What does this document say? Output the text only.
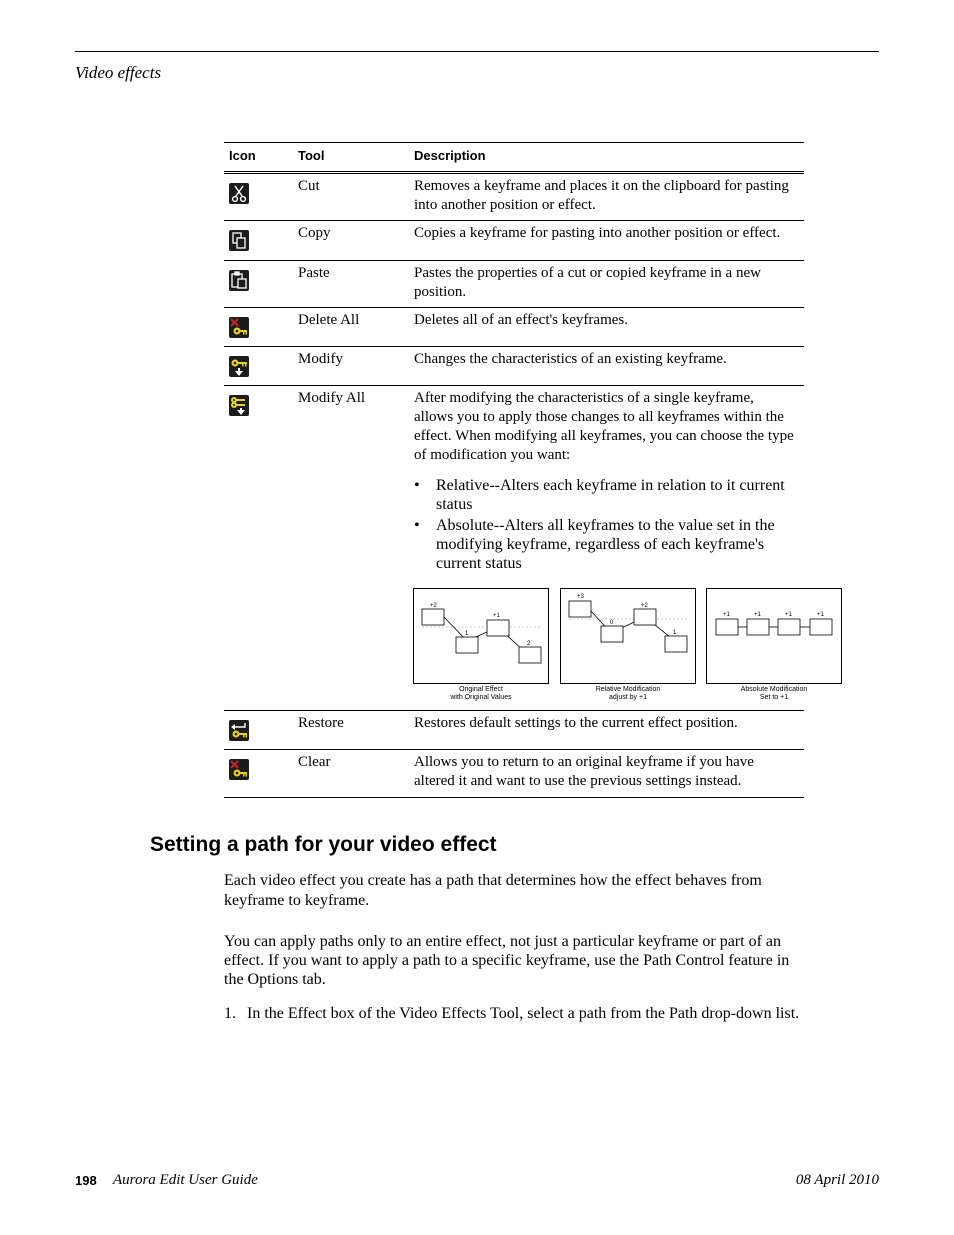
Video effects
Icon	Tool	Description
Cut	Removes a keyframe and places it on the clipboard for pasting into another position or effect.
Copy	Copies a keyframe for pasting into another position or effect.
Paste	Pastes the properties of a cut or copied keyframe in a new position.
Delete All	Deletes all of an effect's keyframes.
Modify	Changes the characteristics of an existing keyframe.
Modify All	After modifying the characteristics of a single keyframe, allows you to apply those changes to all keyframes within the effect. When modifying all keyframes, you can choose the type of modification you want:
• Relative--Alters each keyframe in relation to it current status
• Absolute--Alters all keyframes to the value set in the modifying keyframe, regardless of each keyframe's current status
+2
1
+1
2
Original Effect
with Original Values
+3
0
+2
1
Relative Modification
adjust by +1
+1	+1	+1	+1
Absolute Modification
Set to +1
Restore	Restores default settings to the current effect position.
Clear	Allows you to return to an original keyframe if you have altered it and want to use the previous settings instead.
Setting a path for your video effect
Each video effect you create has a path that determines how the effect behaves from keyframe to keyframe.
You can apply paths only to an entire effect, not just a particular keyframe or part of an effect. If you want to apply a path to a specific keyframe, use the Path Control feature in the Options tab.
1. In the Effect box of the Video Effects Tool, select a path from the Path drop-down list.
198 Aurora Edit User Guide	08 April 2010
